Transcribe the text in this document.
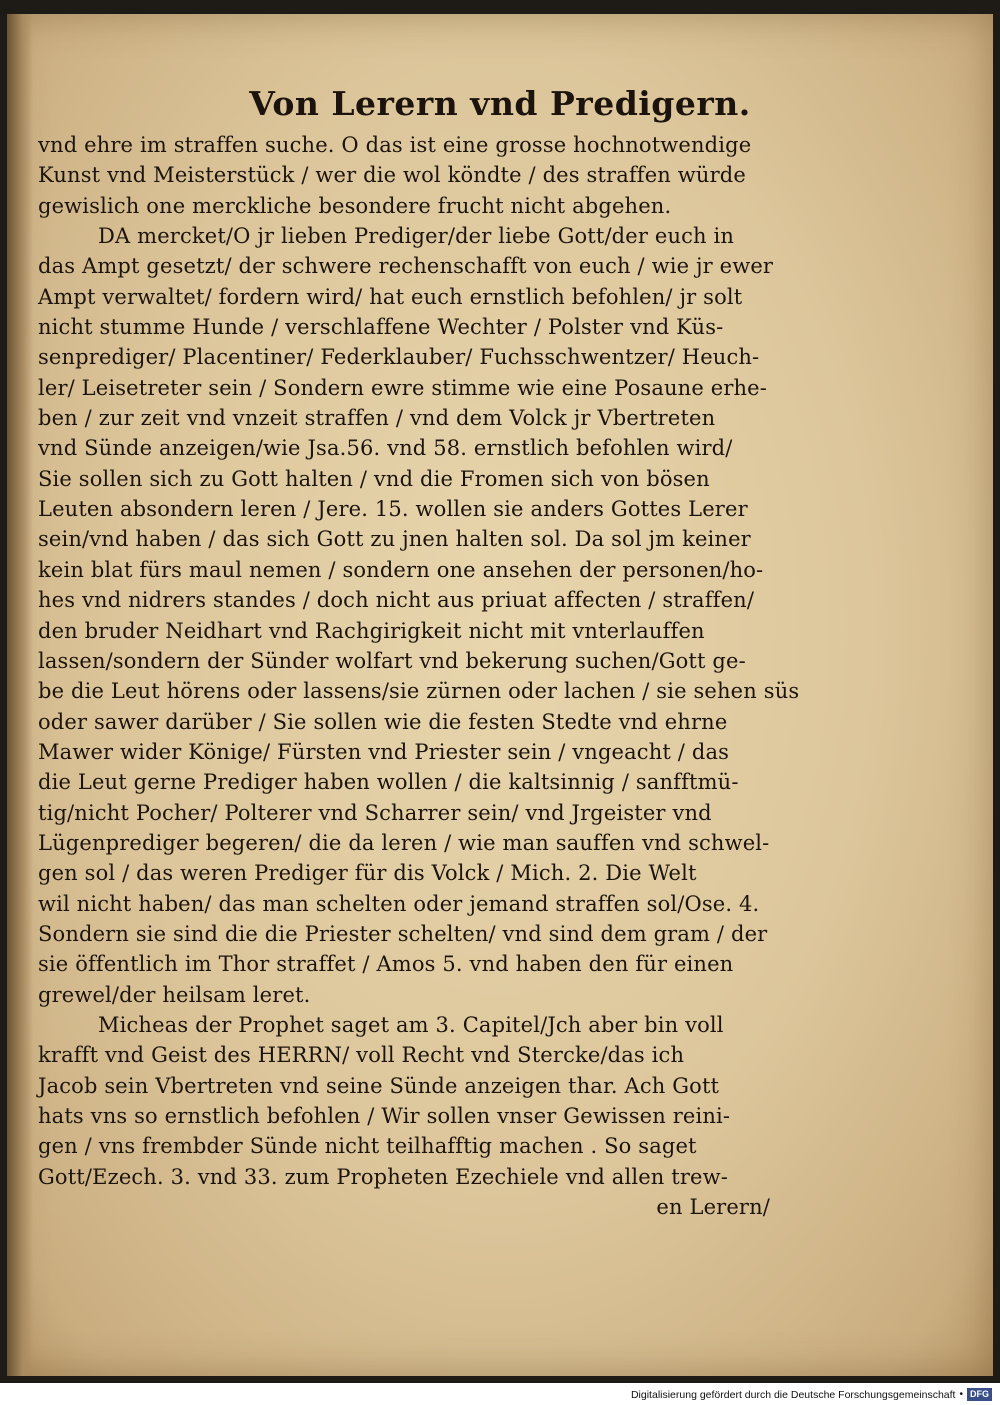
Von Lerern vnd Predigern.
vnd ehre im straffen suche. O das ist eine grosse hochnotwendige
Kunst vnd Meisterstück / wer die wol köndte / des straffen würde
gewislich one merckliche besondere frucht nicht abgehen.
DA mercket/O jr lieben Prediger/der liebe Gott/der euch in
das Ampt gesetzt/ der schwere rechenschafft von euch / wie jr ewer
Ampt verwaltet/ fordern wird/ hat euch ernstlich befohlen/ jr solt
nicht stumme Hunde / verschlaffene Wechter / Polster vnd Küs-
senprediger/ Placentiner/ Federklauber/ Fuchsschwentzer/ Heuch-
ler/ Leisetreter sein / Sondern ewre stimme wie eine Posaune erhe-
ben / zur zeit vnd vnzeit straffen / vnd dem Volck jr Vbertreten
vnd Sünde anzeigen/wie Jsa.56. vnd 58. ernstlich befohlen wird/
Sie sollen sich zu Gott halten / vnd die Fromen sich von bösen
Leuten absondern leren / Jere. 15. wollen sie anders Gottes Lerer
sein/vnd haben / das sich Gott zu jnen halten sol. Da sol jm keiner
kein blat fürs maul nemen / sondern one ansehen der personen/ho-
hes vnd nidrers standes / doch nicht aus priuat affecten / straffen/
den bruder Neidhart vnd Rachgirigkeit nicht mit vnterlauffen
lassen/sondern der Sünder wolfart vnd bekerung suchen/Gott ge-
be die Leut hörens oder lassens/sie zürnen oder lachen / sie sehen süs
oder sawer darüber / Sie sollen wie die festen Stedte vnd ehrne
Mawer wider Könige/ Fürsten vnd Priester sein / vngeacht / das
die Leut gerne Prediger haben wollen / die kaltsinnig / sanfftmü-
tig/nicht Pocher/ Polterer vnd Scharrer sein/ vnd Jrgeister vnd
Lügenprediger begeren/ die da leren / wie man sauffen vnd schwel-
gen sol / das weren Prediger für dis Volck / Mich. 2. Die Welt
wil nicht haben/ das man schelten oder jemand straffen sol/Ose. 4.
Sondern sie sind die die Priester schelten/ vnd sind dem gram / der
sie öffentlich im Thor straffet / Amos 5. vnd haben den für einen
grewel/der heilsam leret.
Micheas der Prophet saget am 3. Capitel/Jch aber bin voll
krafft vnd Geist des HERRN/ voll Recht vnd Stercke/das ich
Jacob sein Vbertreten vnd seine Sünde anzeigen thar. Ach Gott
hats vns so ernstlich befohlen / Wir sollen vnser Gewissen reini-
gen / vns frembder Sünde nicht teilhafftig machen . So saget
Gott/Ezech. 3. vnd 33. zum Propheten Ezechiele vnd allen trew-
en Lerern/
Digitalisierung gefördert durch die Deutsche Forschungsgemeinschaft • DFG
